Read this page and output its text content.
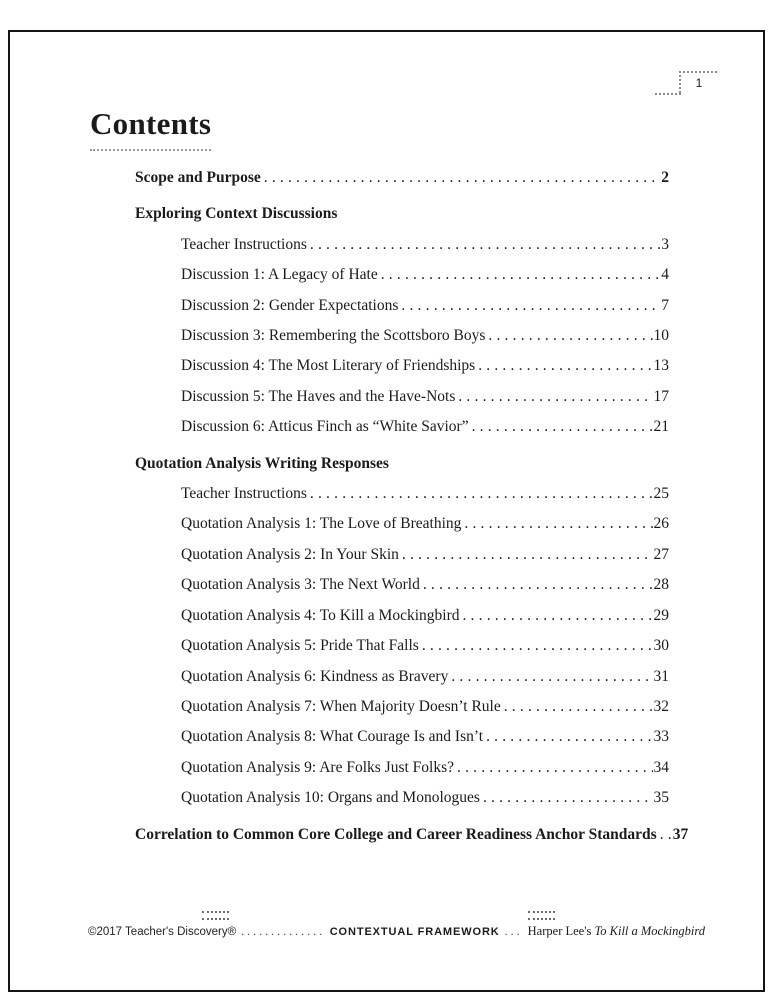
1
Contents
Scope and Purpose .....	2
Exploring Context Discussions
Teacher Instructions .....	3
Discussion 1: A Legacy of Hate .....	4
Discussion 2: Gender Expectations .....	7
Discussion 3: Remembering the Scottsboro Boys .....	10
Discussion 4: The Most Literary of Friendships .....	13
Discussion 5: The Haves and the Have-Nots .....	17
Discussion 6: Atticus Finch as “White Savior” .....	21
Quotation Analysis Writing Responses
Teacher Instructions .....	25
Quotation Analysis 1: The Love of Breathing .....	26
Quotation Analysis 2: In Your Skin .....	27
Quotation Analysis 3: The Next World .....	28
Quotation Analysis 4: To Kill a Mockingbird .....	29
Quotation Analysis 5: Pride That Falls .....	30
Quotation Analysis 6: Kindness as Bravery .....	31
Quotation Analysis 7: When Majority Doesn’t Rule .....	32
Quotation Analysis 8: What Courage Is and Isn’t .....	33
Quotation Analysis 9: Are Folks Just Folks? .....	34
Quotation Analysis 10: Organs and Monologues .....	35
Correlation to Common Core College and Career Readiness Anchor Standards ..... 37
©2017 Teacher's Discovery® .....	CONTEXTUAL FRAMEWORK ..... Harper Lee's To Kill a Mockingbird
